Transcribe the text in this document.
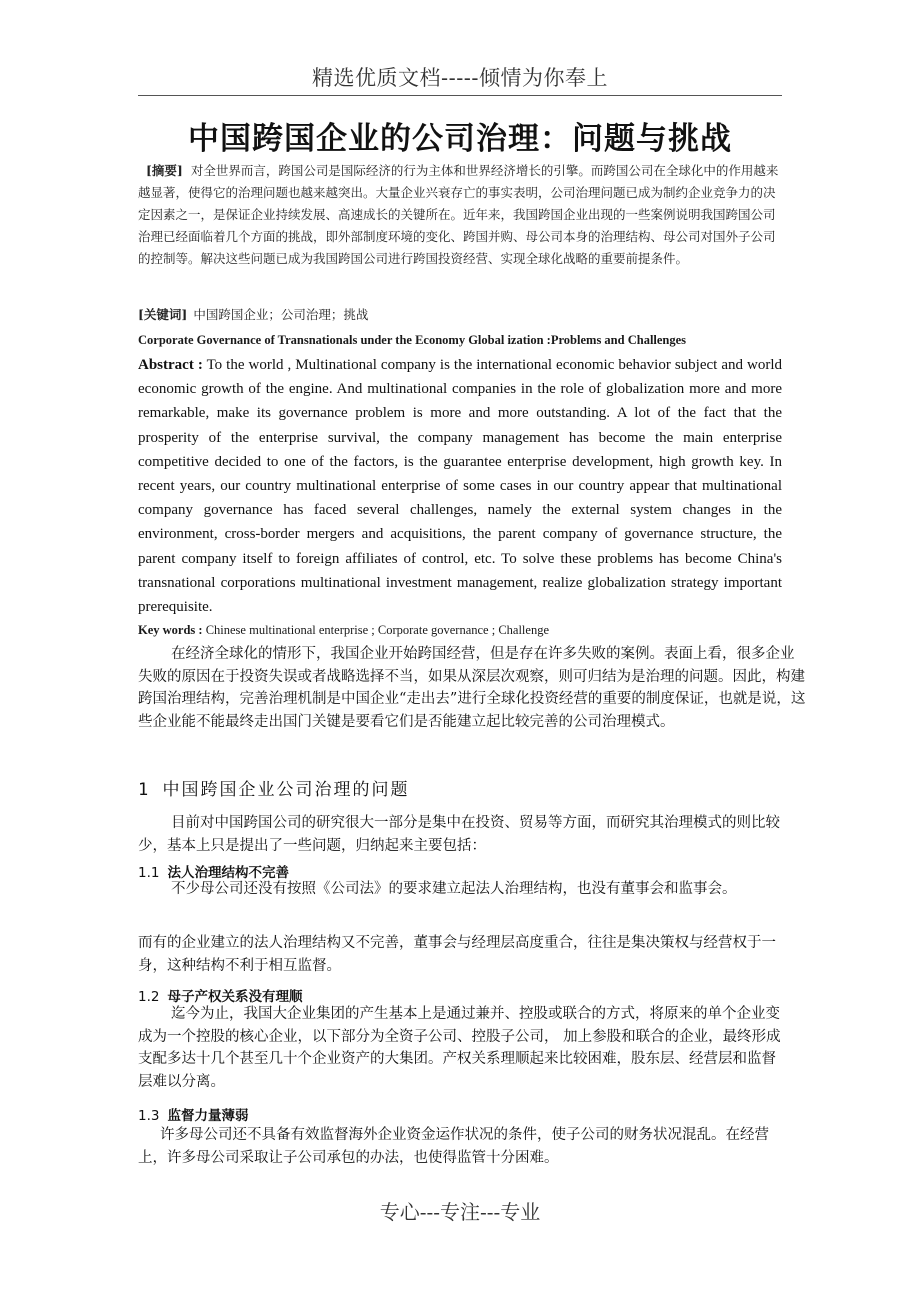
精选优质文档-----倾情为你奉上
中国跨国企业的公司治理：问题与挑战
[摘要] 对全世界而言，跨国公司是国际经济的行为主体和世界经济增长的引擎。而跨国公司在全球化中的作用越来越显著，使得它的治理问题也越来越突出。大量企业兴衰存亡的事实表明，公司治理问题已成为制约企业竞争力的决定因素之一，是保证企业持续发展、高速成长的关键所在。近年来，我国跨国企业出现的一些案例说明我国跨国公司治理已经面临着几个方面的挑战，即外部制度环境的变化、跨国并购、母公司本身的治理结构、母公司对国外子公司的控制等。解决这些问题已成为我国跨国公司进行跨国投资经营、实现全球化战略的重要前提条件。
[关键词] 中国跨国企业；公司治理；挑战
Corporate Governance of Transnationals under the Economy Global ization :Problems and Challenges
Abstract : To the world , Multinational company is the international economic behavior subject and world economic growth of the engine. And multinational companies in the role of globalization more and more remarkable, make its governance problem is more and more outstanding. A lot of the fact that the prosperity of the enterprise survival, the company management has become the main enterprise competitive decided to one of the factors, is the guarantee enterprise development, high growth key. In recent years, our country multinational enterprise of some cases in our country appear that multinational company governance has faced several challenges, namely the external system changes in the environment, cross-border mergers and acquisitions, the parent company of governance structure, the parent company itself to foreign affiliates of control, etc. To solve these problems has become China's transnational corporations multinational investment management, realize globalization strategy important prerequisite.
Key words : Chinese multinational enterprise ; Corporate governance ; Challenge
在经济全球化的情形下，我国企业开始跨国经营，但是存在许多失败的案例。表面上看，很多企业失败的原因在于投资失误或者战略选择不当，如果从深层次观察，则可归结为是治理的问题。因此，构建跨国治理结构，完善治理机制是中国企业“走出去”进行全球化投资经营的重要的制度保证，也就是说，这些企业能不能最终走出国门关键是要看它们是否能建立起比较完善的公司治理模式。
1 中国跨国企业公司治理的问题
目前对中国跨国公司的研究很大一部分是集中在投资、贸易等方面，而研究其治理模式的则比较少，基本上只是提出了一些问题，归纳起来主要包括：
1.1 法人治理结构不完善
不少母公司还没有按照《公司法》的要求建立起法人治理结构，也没有董事会和监事会。
而有的企业建立的法人治理结构又不完善，董事会与经理层高度重合，往往是集决策权与经营权于一身，这种结构不利于相互监督。
1.2 母子产权关系没有理顺
迄今为止，我国大企业集团的产生基本上是通过兼并、控股或联合的方式，将原来的单个企业变成为一个控股的核心企业，以下部分为全资子公司、控股子公司， 加上参股和联合的企业，最终形成支配多达十几个甚至几十个企业资产的大集团。产权关系理顺起来比较困难，股东层、经营层和监督层难以分离。
1.3 监督力量薄弱
许多母公司还不具备有效监督海外企业资金运作状况的条件，使子公司的财务状况混乱。在经营上，许多母公司采取让子公司承包的办法，也使得监管十分困难。
专心---专注---专业
